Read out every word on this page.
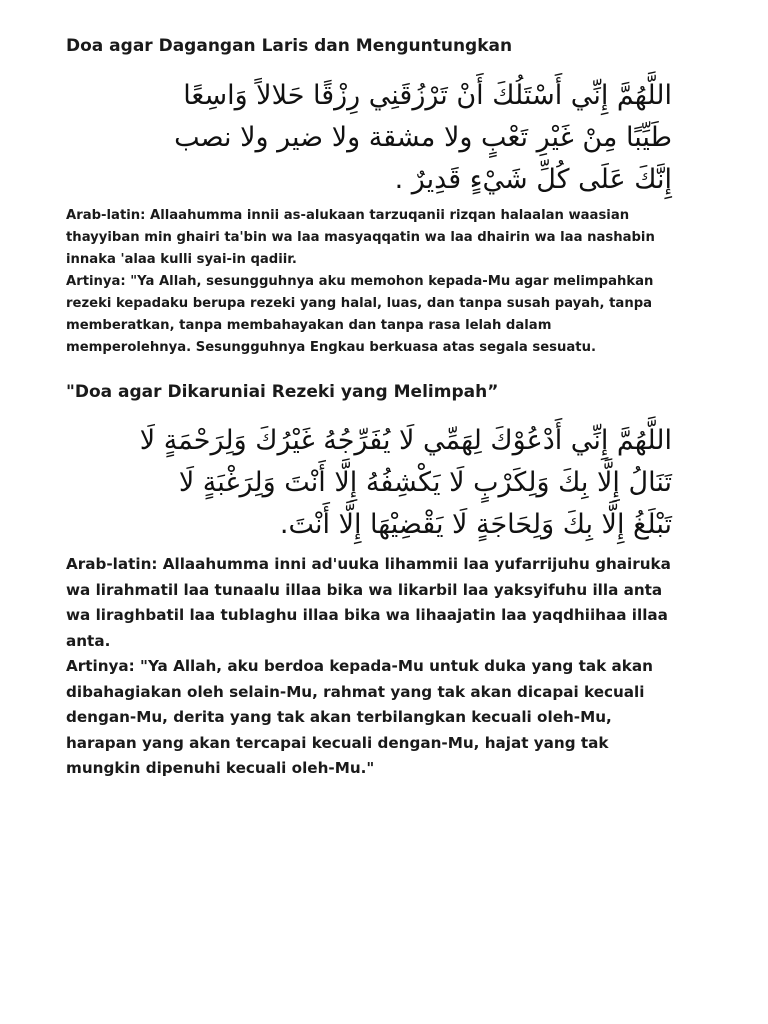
Doa agar Dagangan Laris dan Menguntungkan
اللَّهُمَّ إِنِّي أَسْتَلُكَ أَنْ تَرْزُقَنِي رِزْقًا حَلالاً وَاسِعًا
طَيِّبًا مِنْ غَيْرِ تَعْبٍ ولا مشقة ولا ضير ولا نصب
إِنَّكَ عَلَى كُلِّ شَيْءٍ قَدِيرٌ .
Arab-latin: Allaahumma innii as-alukaan tarzuqanii rizqan halaalan waasian
thayyiban min ghairi ta'bin wa laa masyaqqatin wa laa dhairin wa laa nashabin
innaka 'alaa kulli syai-in qadiir.
Artinya: "Ya Allah, sesungguhnya aku memohon kepada-Mu agar melimpahkan
rezeki kepadaku berupa rezeki yang halal, luas, dan tanpa susah payah, tanpa
memberatkan, tanpa membahayakan dan tanpa rasa lelah dalam
memperolehnya. Sesungguhnya Engkau berkuasa atas segala sesuatu.
"Doa agar Dikaruniai Rezeki yang Melimpah”
اللَّهُمَّ إِنِّي أَدْعُوْكَ لِهَمِّي لَا يُفَرِّجُهُ غَيْرُكَ وَلِرَحْمَةٍ لَا
تَنَالُ إِلَّا بِكَ وَلِكَرْبٍ لَا يَكْشِفُهُ إِلَّا أَنْتَ وَلِرَغْبَةٍ لَا
تَبْلَغُ إِلَّا بِكَ وَلِحَاجَةٍ لَا يَقْضِيْهَا إِلَّا أَنْتَ.
Arab-latin: Allaahumma inni ad'uuka lihammii laa yufarrijuhu ghairuka
wa lirahmatil laa tunaalu illaa bika wa likarbil laa yaksyifuhu illa anta
wa liraghbatil laa tublaghu illaa bika wa lihaajatin laa yaqdhiihaa illaa
anta.
Artinya: "Ya Allah, aku berdoa kepada-Mu untuk duka yang tak akan
dibahagiakan oleh selain-Mu, rahmat yang tak akan dicapai kecuali
dengan-Mu, derita yang tak akan terbilangkan kecuali oleh-Mu,
harapan yang akan tercapai kecuali dengan-Mu, hajat yang tak
mungkin dipenuhi kecuali oleh-Mu."
